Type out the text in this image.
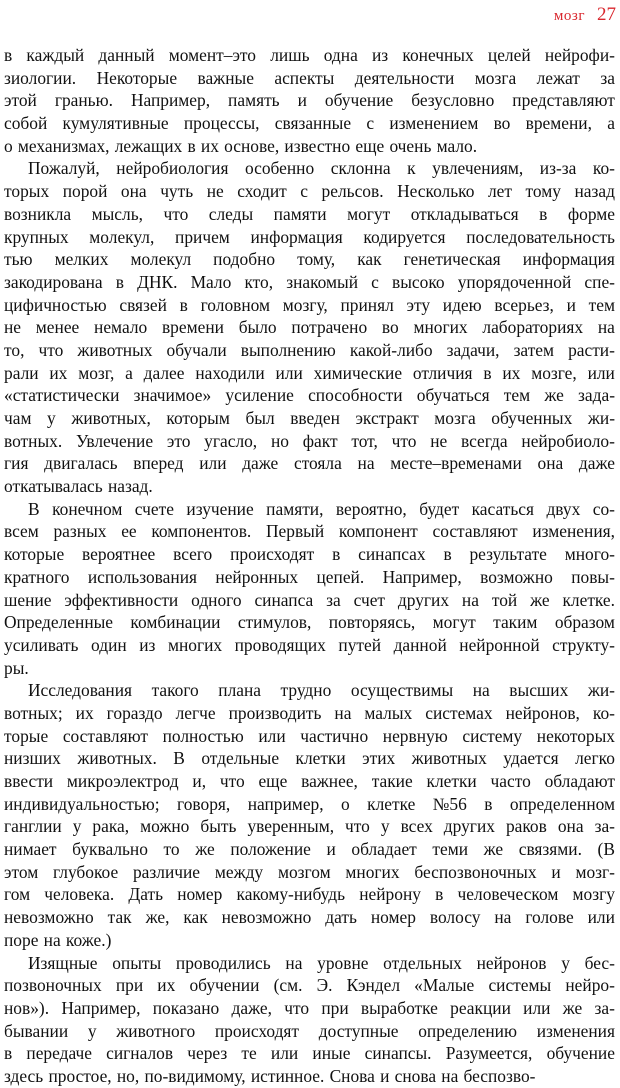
мозг 27
в каждый данный момент–это лишь одна из конечных целей нейрофи-
зиологии. Некоторые важные аспекты деятельности мозга лежат за
этой гранью. Например, память и обучение безусловно представляют
собой кумулятивные процессы, связанные с изменением во времени, а
о механизмах, лежащих в их основе, известно еще очень мало.
Пожалуй, нейробиология особенно склонна к увлечениям, из-за ко-
торых порой она чуть не сходит с рельсов. Несколько лет тому назад
возникла мысль, что следы памяти могут откладываться в форме
крупных молекул, причем информация кодируется последовательность
тью мелких молекул подобно тому, как генетическая информация
закодирована в ДНК. Мало кто, знакомый с высоко упорядоченной спе-
цифичностью связей в головном мозгу, принял эту идею всерьез, и тем
не менее немало времени было потрачено во многих лабораториях на
то, что животных обучали выполнению какой-либо задачи, затем расти-
рали их мозг, а далее находили или химические отличия в их мозге, или
«статистически значимое» усиление способности обучаться тем же зада-
чам у животных, которым был введен экстракт мозга обученных жи-
вотных. Увлечение это угасло, но факт тот, что не всегда нейробиоло-
гия двигалась вперед или даже стояла на месте–временами она даже
откатывалась назад.
В конечном счете изучение памяти, вероятно, будет касаться двух со-
всем разных ее компонентов. Первый компонент составляют изменения,
которые вероятнее всего происходят в синапсах в результате много-
кратного использования нейронных цепей. Например, возможно повы-
шение эффективности одного синапса за счет других на той же клетке.
Определенные комбинации стимулов, повторяясь, могут таким образом
усиливать один из многих проводящих путей данной нейронной структу-
ры.
Исследования такого плана трудно осуществимы на высших жи-
вотных; их гораздо легче производить на малых системах нейронов, ко-
торые составляют полностью или частично нервную систему некоторых
низших животных. В отдельные клетки этих животных удается легко
ввести микроэлектрод и, что еще важнее, такие клетки часто обладают
индивидуальностью; говоря, например, о клетке №56 в определенном
ганглии у рака, можно быть уверенным, что у всех других раков она за-
нимает буквально то же положение и обладает теми же связями. (В
этом глубокое различие между мозгом многих беспозвоночных и мозг-
гом человека. Дать номер какому-нибудь нейрону в человеческом мозгу
невозможно так же, как невозможно дать номер волосу на голове или
поре на коже.)
Изящные опыты проводились на уровне отдельных нейронов у бес-
позвоночных при их обучении (см. Э. Кэндел «Малые системы нейро-
нов»). Например, показано даже, что при выработке реакции или же за-
бывании у животного происходят доступные определению изменения
в передаче сигналов через те или иные синапсы. Разумеется, обучение
здесь простое, но, по-видимому, истинное. Снова и снова на беспозво-
